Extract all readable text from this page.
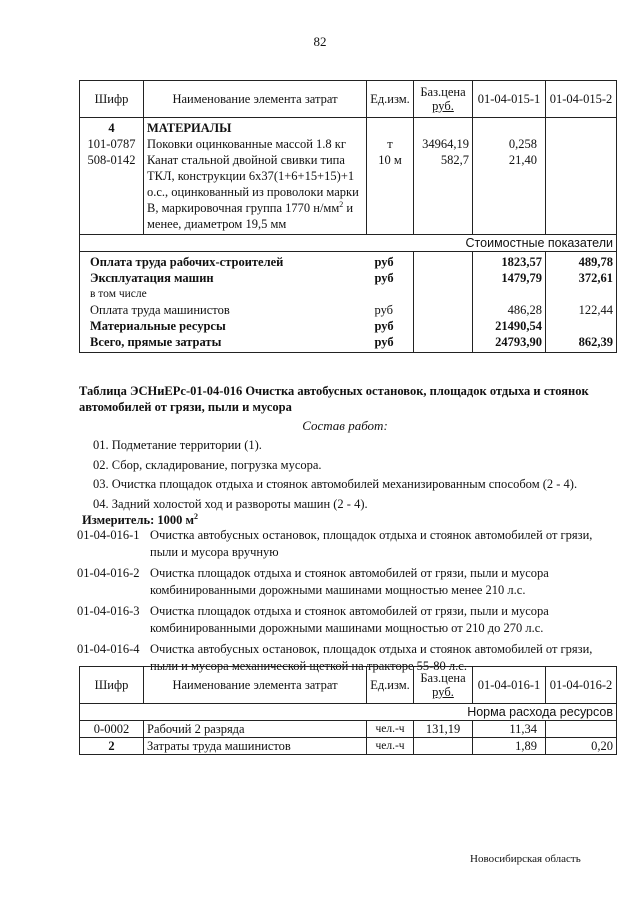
82
Шифр	Наименование элемента затрат	Ед.изм.	Баз.цена
руб.	01-04-015-1	01-04-015-2
4	МАТЕРИАЛЫ				
101-0787	Поковки оцинкованные массой 1.8 кг	т	34964,19	0,258	
508-0142	Канат стальной двойной свивки типа
ТКЛ, конструкции 6х37(1+6+15+15)+1
о.с., оцинкованный из проволоки марки
В, маркировочная группа 1770 $н/мм^2$ и
менее, диаметром 19,5 мм	10 м	582,7	21,40	
Стоимостные показатели					
Оплата труда рабочих-строителей		руб		1823,57	489,78
Эксплуатация машин		руб		1479,79	372,61
в том числе					
Оплата труда машинистов		руб		486,28	122,44
Материальные ресурсы		руб		21490,54	
Всего, прямые затраты		руб		24793,90	862,39
Таблица ЭСНиЕРс-01-04-016 Очистка автобусных остановок, площадок отдыха и стоянок
автомобилей от грязи, пыли и мусора
Состав работ:
01. Подметание территории (1).
02. Сбор, складирование, погрузка мусора.
03. Очистка площадок отдыха и стоянок автомобилей механизированным способом (2 - 4).
04. Задний холостой ход и развороты машин (2 - 4).
Измеритель: 1000 $м^2$
01-04-016-1 Очистка автобусных остановок, площадок отдыха и стоянок автомобилей от грязи,
пыли и мусора вручную
01-04-016-2 Очистка площадок отдыха и стоянок автомобилей от грязи, пыли и мусора
комбинированными дорожными машинами мощностью менее 210 л.с.
01-04-016-3 Очистка площадок отдыха и стоянок автомобилей от грязи, пыли и мусора
комбинированными дорожными машинами мощностью от 210 до 270 л.с.
01-04-016-4 Очистка автобусных остановок, площадок отдыха и стоянок автомобилей от грязи,
пыли и мусора механической щеткой на тракторе 55-80 л.с.
Шифр	Наименование элемента затрат	Ед.изм.	Баз.цена
руб.	01-04-016-1	01-04-016-2
Норма расхода ресурсов					
0-0002	Рабочий 2 разряда	чел.-ч	131,19	11,34	
2	Затраты труда машинистов	чел.-ч		1,89	0,20
Новосибирская область
